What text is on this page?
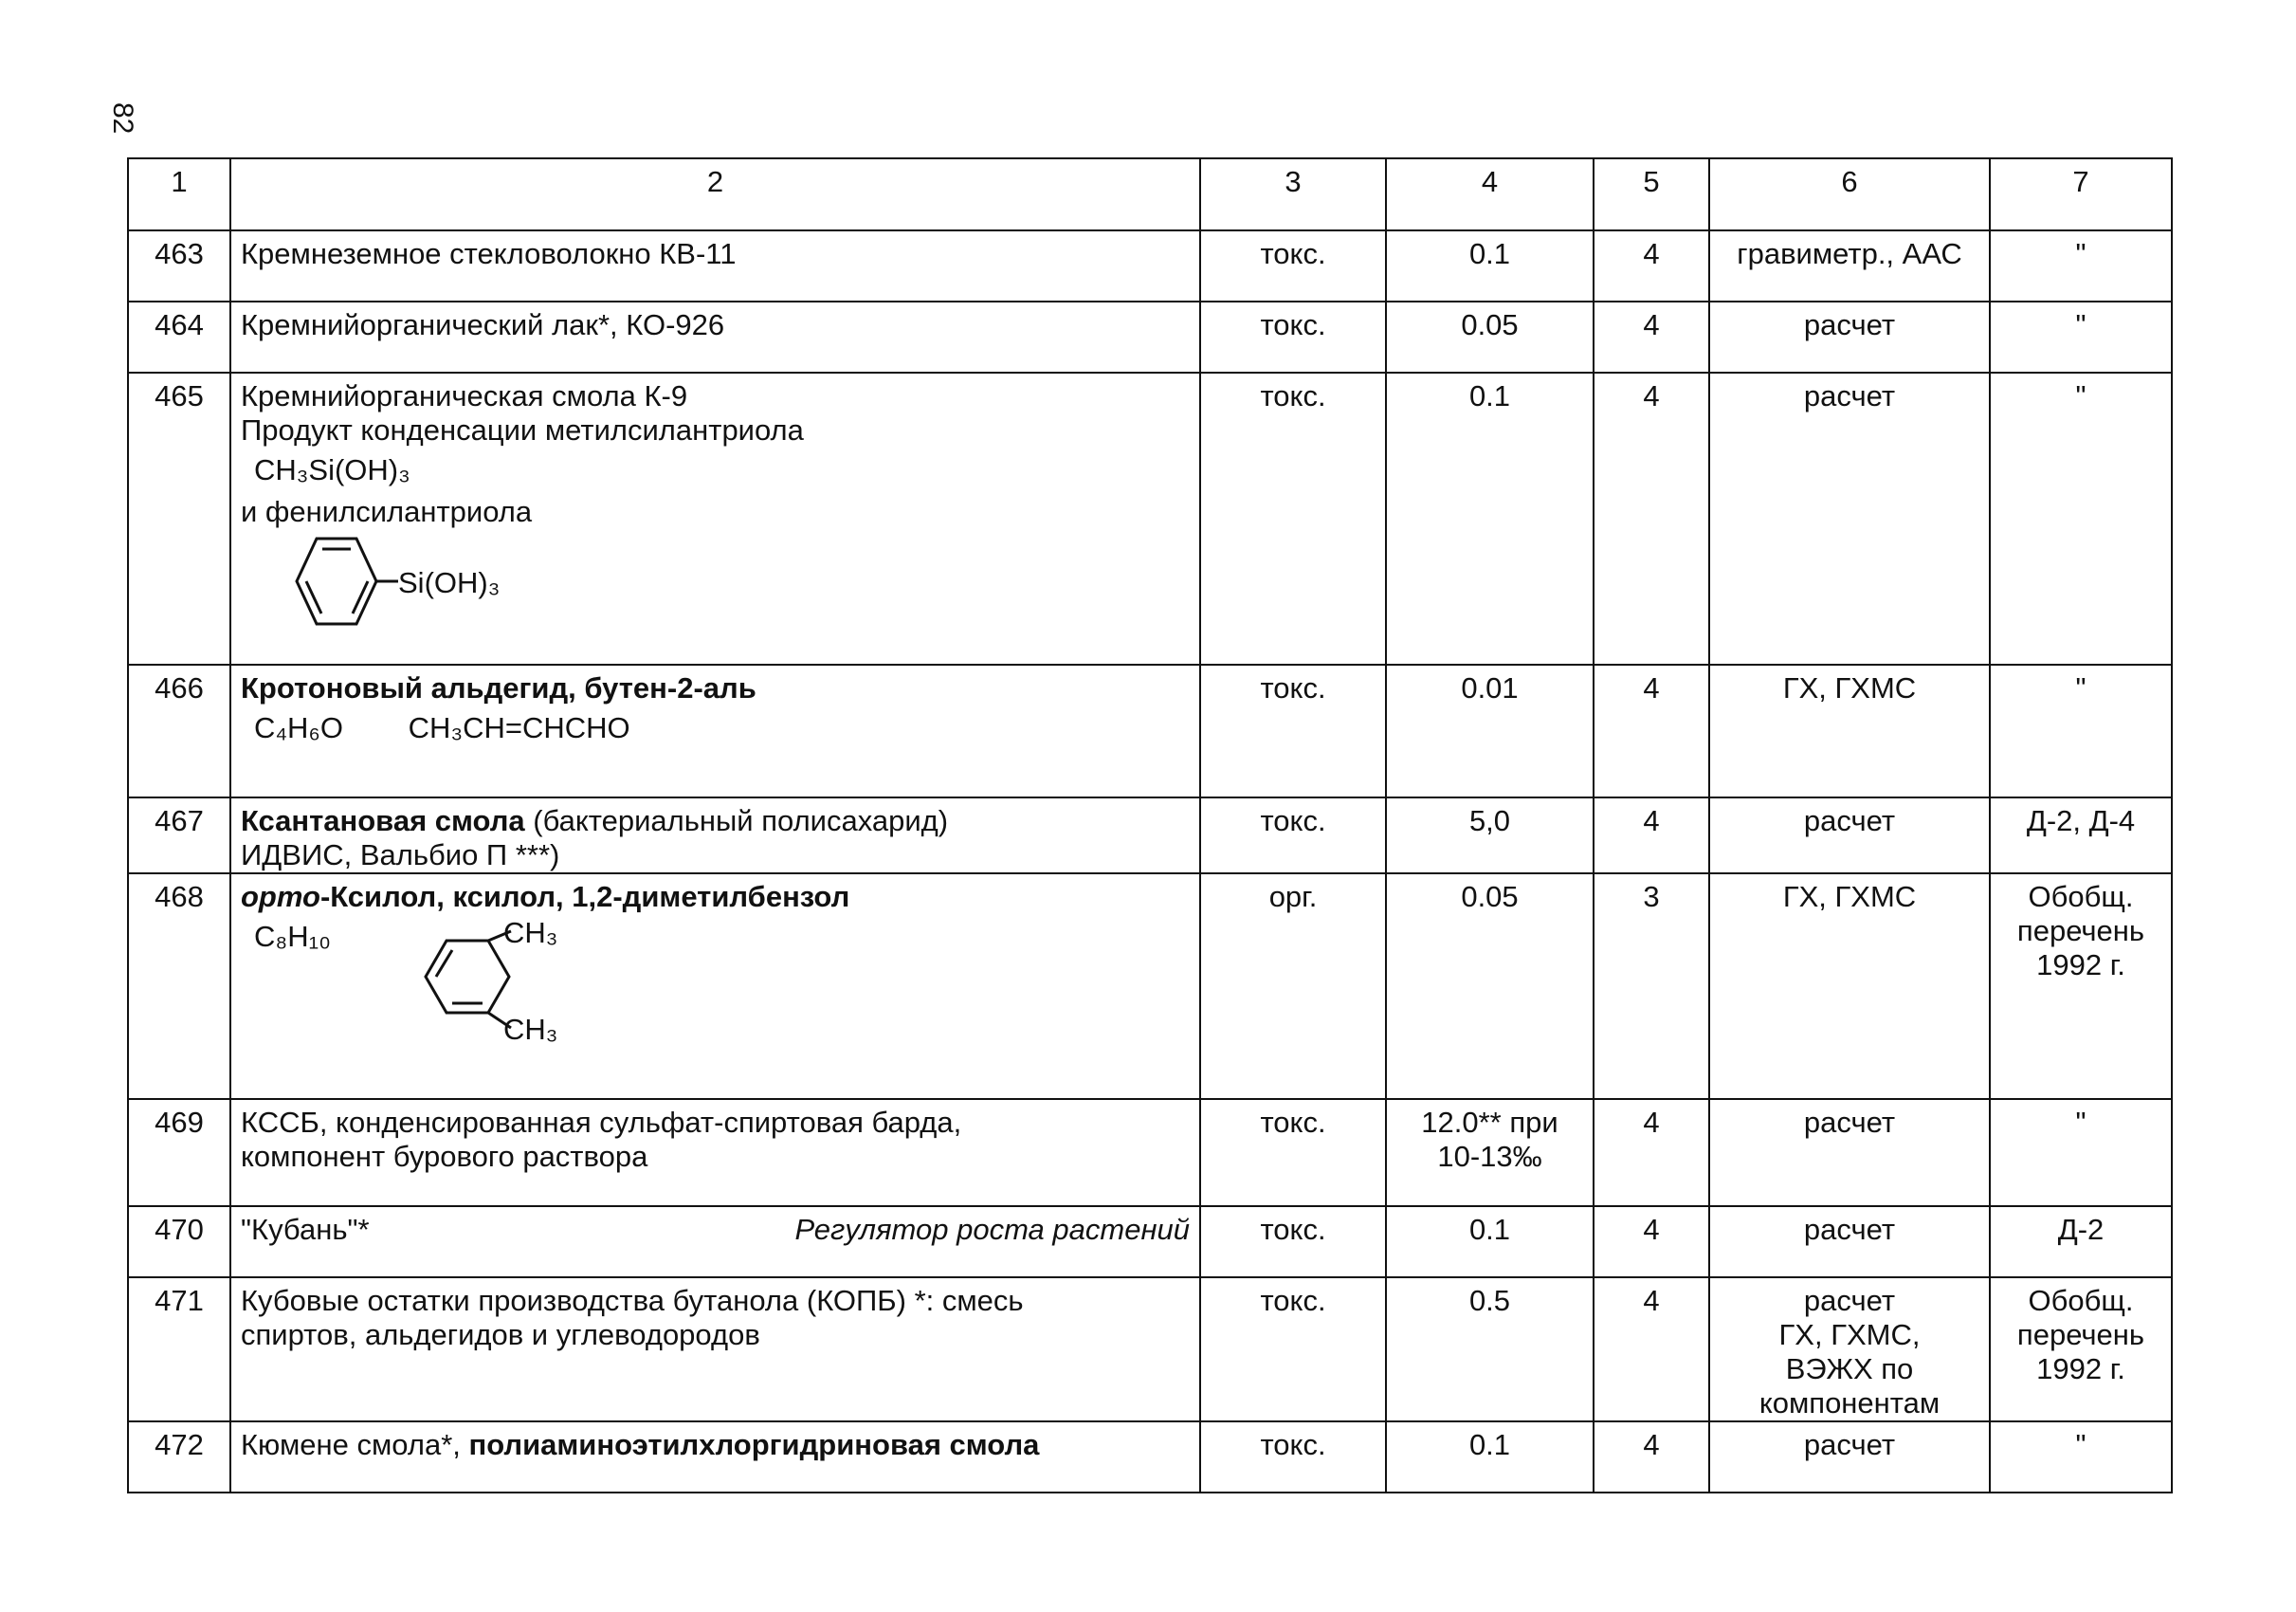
82
1	2	3	4	5	6	7
463	Кремнеземное стекловолокно КВ-11	токс.	0.1	4	гравиметр., ААС	"
464	Кремнийорганический лак*, КО-926	токс.	0.05	4	расчет	"
465	Кремнийорганическая смола К-9
Продукт конденсации метилсилантриола
CH₃Si(OH)₃
и фенилсилантриола
Si(OH)₃	токс.	0.1	4	расчет	"
466	Кротоновый альдегид, бутен-2-аль
C₄H₆O CH₃CH=CHCHO	токс.	0.01	4	ГХ, ГХМС	"
467	Ксантановая смола (бактериальный полисахарид)
ИДВИС, Вальбио П ***)	токс.	5,0	4	расчет	Д-2, Д-4
468	орто-Ксилол, ксилол, 1,2-диметилбензол
C₈H₁₀ CH₃
CH₃	орг.	0.05	3	ГХ, ГХМС	Обобщ.
перечень
1992 г.

469	КССБ, конденсированная сульфат-спиртовая барда,
компонент бурового раствора	токс.	12.0** при
10-13‰	4	расчет	"
470	"Кубань"* Регулятор роста растений	токс.	0.1	4	расчет	Д-2
471	Кубовые остатки производства бутанола (КОПБ) *: смесь
спиртов, альдегидов и углеводородов	токс.	0.5	4	расчет
ГХ, ГХМС,
ВЭЖХ по
компонентам	Обобщ.
перечень
1992 г.

472	Кюмене смола*, полиаминоэтилхлоргидриновая смола	токс.	0.1	4	расчет	"
